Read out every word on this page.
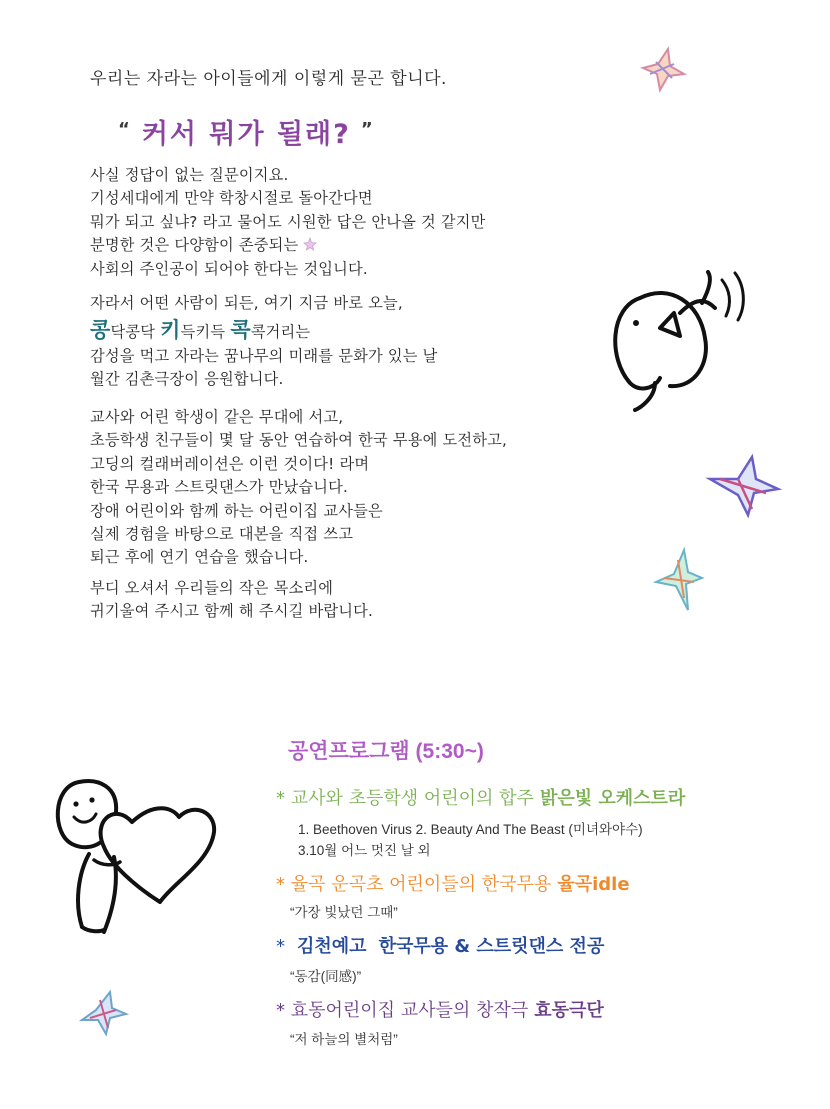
우리는 자라는 아이들에게 이렇게 묻곤 합니다.
“ 커서 뭐가 될래? ”
사실 정답이 없는 질문이지요.
기성세대에게 만약 학창시절로 돌아간다면
뭐가 되고 싶냐? 라고 물어도 시원한 답은 안나올 것 같지만
분명한 것은 다양함이 존중되는
사회의 주인공이 되어야 한다는 것입니다.
자라서 어떤 사람이 되든, 여기 지금 바로 오늘,
콩닥콩닥 키득키득 콕콕거리는
감성을 먹고 자라는 꿈나무의 미래를 문화가 있는 날
월간 김촌극장이 응원합니다.
교사와 어린 학생이 같은 무대에 서고,
초등학생 친구들이 몇 달 동안 연습하여 한국 무용에 도전하고,
고딩의 컬래버레이션은 이런 것이다! 라며
한국 무용과 스트릿댄스가 만났습니다.
장애 어린이와 함께 하는 어린이집 교사들은
실제 경험을 바탕으로 대본을 직접 쓰고
퇴근 후에 연기 연습을 했습니다.
부디 오셔서 우리들의 작은 목소리에
귀기울여 주시고 함께 해 주시길 바랍니다.
공연프로그램 (5:30~)
* 교사와 초등학생 어린이의 합주 밝은빛 오케스트라
1. Beethoven Virus 2. Beauty And The Beast (미녀와야수)
3.10월 어느 멋진 날 외
* 율곡 운곡초 어린이들의 한국무용 율곡idle
“가장 빛났던 그때”
* 김천예고 한국무용 & 스트릿댄스 전공
“동감(同感)”
* 효동어린이집 교사들의 창작극 효동극단
“저 하늘의 별처럼”
